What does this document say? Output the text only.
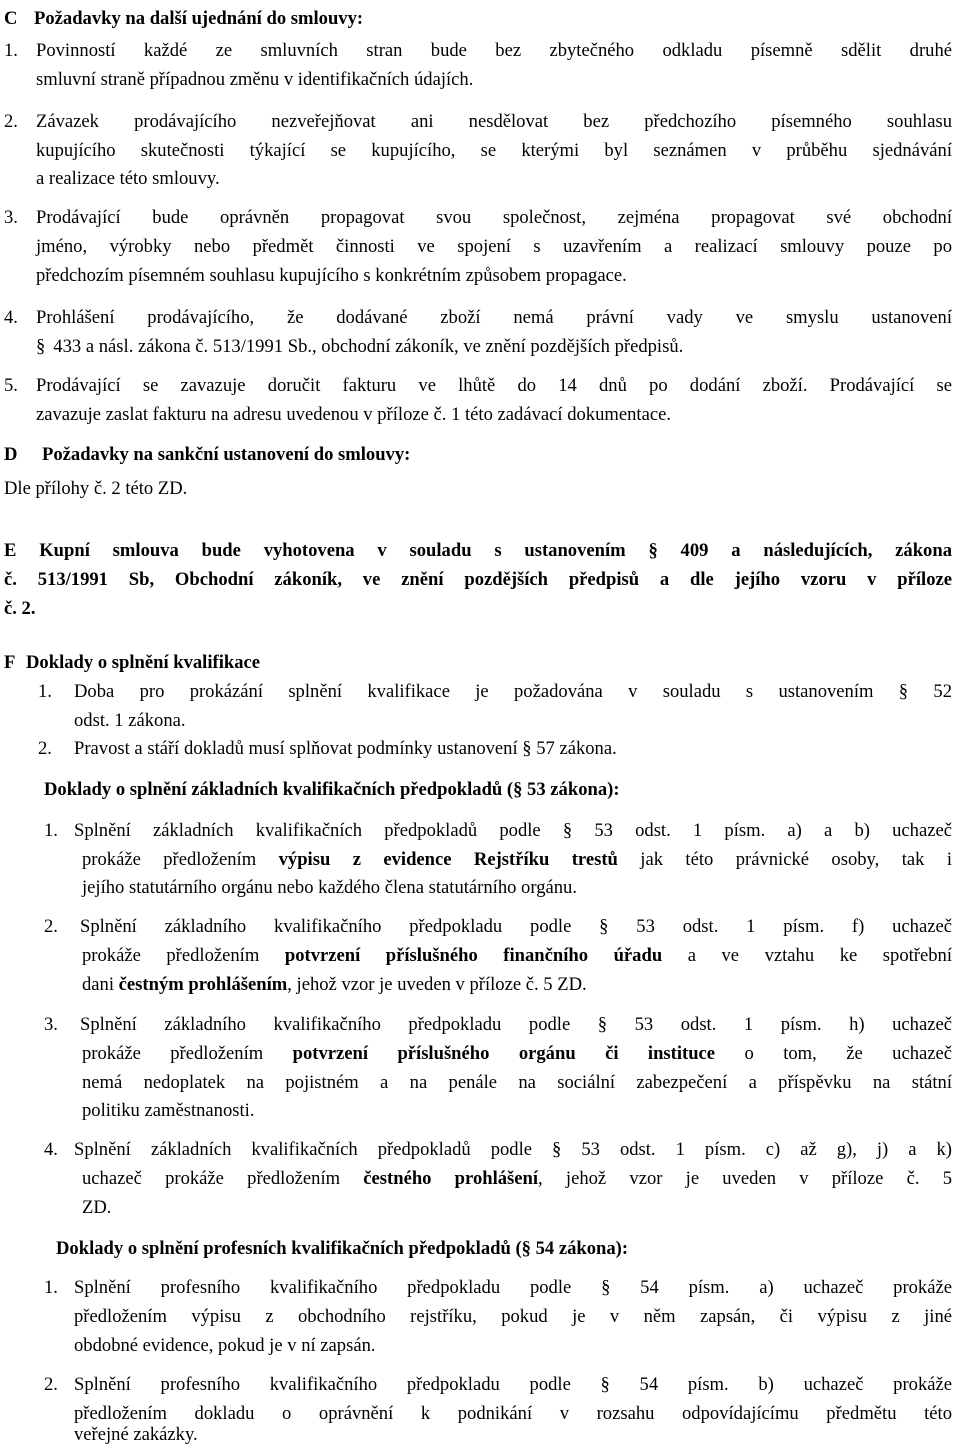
C Požadavky na další ujednání do smlouvy:
1. Povinností každé ze smluvních stran bude bez zbytečného odkladu písemně sdělit druhé
smluvní straně případnou změnu v identifikačních údajích.
2. Závazek prodávajícího nezveřejňovat ani nesdělovat bez předchozího písemného souhlasu
kupujícího skutečnosti týkající se kupujícího, se kterými byl seznámen v průběhu sjednávání
a realizace této smlouvy.
3. Prodávající bude oprávněn propagovat svou společnost, zejména propagovat své obchodní
jméno, výrobky nebo předmět činnosti ve spojení s uzavřením a realizací smlouvy pouze po
předchozím písemném souhlasu kupujícího s konkrétním způsobem propagace.
4. Prohlášení prodávajícího, že dodávané zboží nemá právní vady ve smyslu ustanovení
§ 433 a násl. zákona č. 513/1991 Sb., obchodní zákoník, ve znění pozdějších předpisů.
5. Prodávající se zavazuje doručit fakturu ve lhůtě do 14 dnů po dodání zboží. Prodávající se
zavazuje zaslat fakturu na adresu uvedenou v příloze č. 1 této zadávací dokumentace.
D Požadavky na sankční ustanovení do smlouvy:
Dle přílohy č. 2 této ZD.
E Kupní smlouva bude vyhotovena v souladu s ustanovením § 409 a následujících, zákona
č. 513/1991 Sb, Obchodní zákoník, ve znění pozdějších předpisů a dle jejího vzoru v příloze
č. 2.
F Doklady o splnění kvalifikace
1. Doba pro prokázání splnění kvalifikace je požadována v souladu s ustanovením § 52
odst. 1 zákona.
2. Pravost a stáří dokladů musí splňovat podmínky ustanovení § 57 zákona.
Doklady o splnění základních kvalifikačních předpokladů (§ 53 zákona):
1. Splnění základních kvalifikačních předpokladů podle § 53 odst. 1 písm. a) a b) uchazeč
prokáže předložením výpisu z evidence Rejstříku trestů jak této právnické osoby, tak i
jejího statutárního orgánu nebo každého člena statutárního orgánu.
2. Splnění základního kvalifikačního předpokladu podle § 53 odst. 1 písm. f) uchazeč
prokáže předložením potvrzení příslušného finančního úřadu a ve vztahu ke spotřební
dani čestným prohlášením, jehož vzor je uveden v příloze č. 5 ZD.
3. Splnění základního kvalifikačního předpokladu podle § 53 odst. 1 písm. h) uchazeč
prokáže předložením potvrzení příslušného orgánu či instituce o tom, že uchazeč
nemá nedoplatek na pojistném a na penále na sociální zabezpečení a příspěvku na státní
politiku zaměstnanosti.
4. Splnění základních kvalifikačních předpokladů podle § 53 odst. 1 písm. c) až g), j) a k)
uchazeč prokáže předložením čestného prohlášení, jehož vzor je uveden v příloze č. 5
ZD.
Doklady o splnění profesních kvalifikačních předpokladů (§ 54 zákona):
1. Splnění profesního kvalifikačního předpokladu podle § 54 písm. a) uchazeč prokáže
předložením výpisu z obchodního rejstříku, pokud je v něm zapsán, či výpisu z jiné
obdobné evidence, pokud je v ní zapsán.
2. Splnění profesního kvalifikačního předpokladu podle § 54 písm. b) uchazeč prokáže
předložením dokladu o oprávnění k podnikání v rozsahu odpovídajícímu předmětu této
veřejné zakázky.
